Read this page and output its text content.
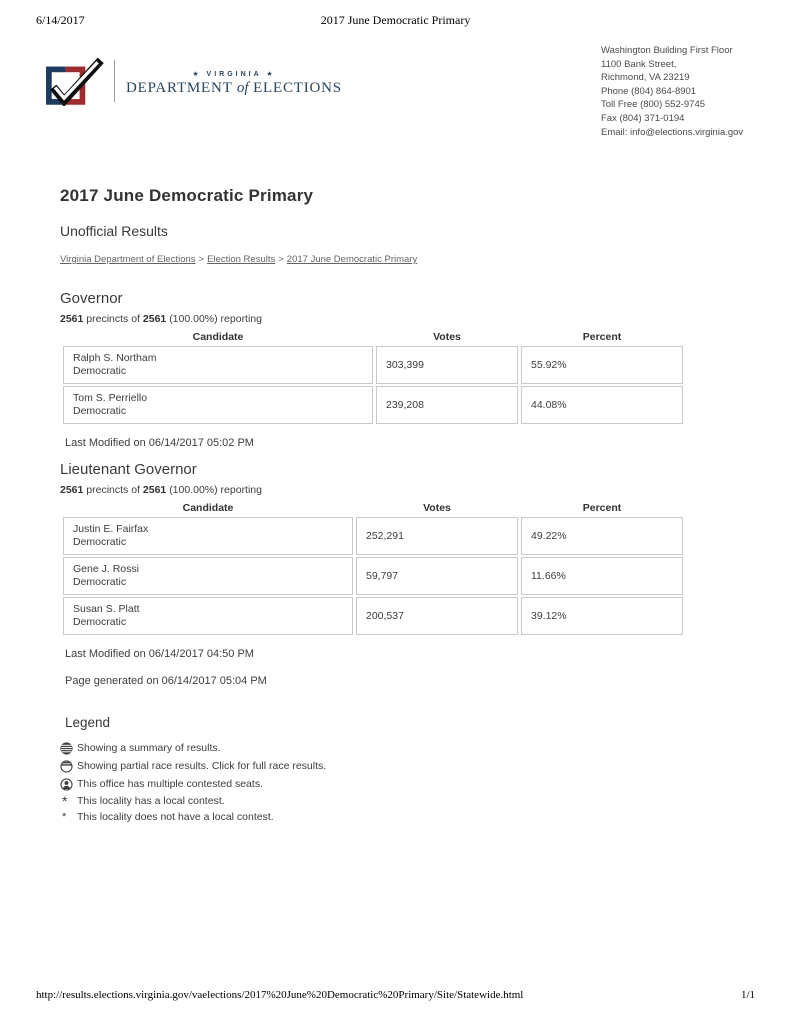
6/14/2017	2017 June Democratic Primary
★ VIRGINIA ★
DEPARTMENT of ELECTIONS
Washington Building First Floor
1100 Bank Street,
Richmond, VA 23219
Phone (804) 864-8901
Toll Free (800) 552-9745
Fax (804) 371-0194
Email: info@elections.virginia.gov
2017 June Democratic Primary
Unofficial Results
Virginia Department of Elections > Election Results > 2017 June Democratic Primary
Governor
2561 precincts of 2561 (100.00%) reporting
Candidate	Votes	Percent

Ralph S. Northam
Democratic	303,399	55.92%

Tom S. Perriello
Democratic	239,208	44.08%
Last Modified on 06/14/2017 05:02 PM
Lieutenant Governor
2561 precincts of 2561 (100.00%) reporting
Candidate	Votes	Percent

Justin E. Fairfax
Democratic	252,291	49.22%

Gene J. Rossi
Democratic	59,797	11.66%

Susan S. Platt
Democratic	200,537	39.12%
Last Modified on 06/14/2017 04:50 PM
Page generated on 06/14/2017 05:04 PM
Legend
Showing a summary of results.
Showing partial race results. Click for full race results.
This office has multiple contested seats.
* This locality has a local contest.
* This locality does not have a local contest.
http://results.elections.virginia.gov/vaelections/2017%20June%20Democratic%20Primary/Site/Statewide.html	1/1
